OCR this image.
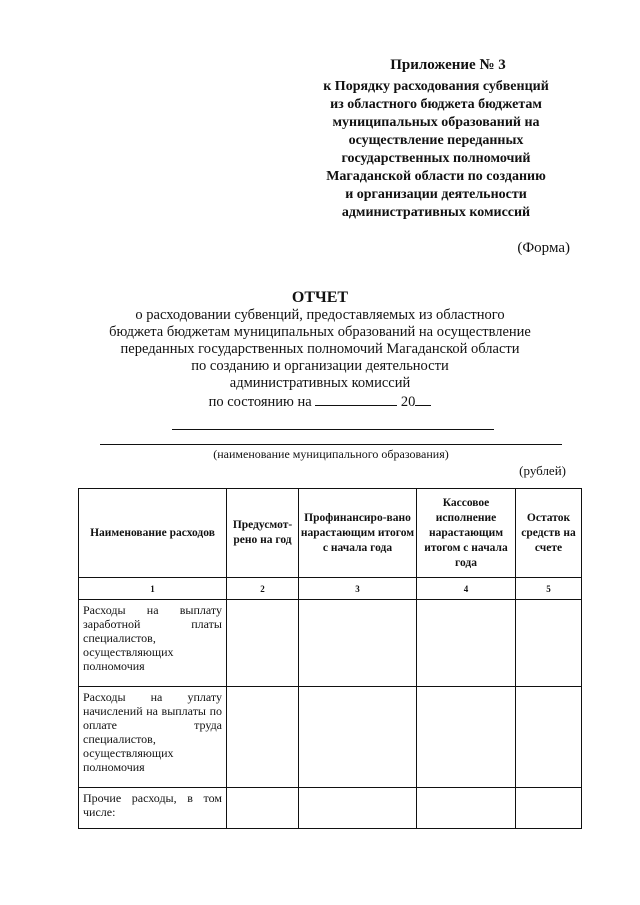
Приложение № 3
к Порядку расходования субвенций
из областного бюджета бюджетам
муниципальных образований на
осуществление переданных
государственных полномочий
Магаданской области по созданию
и организации деятельности
административных комиссий
(Форма)
ОТЧЕТ
о расходовании субвенций, предоставляемых из областного
бюджета бюджетам муниципальных образований на осуществление
переданных государственных полномочий Магаданской области
по созданию и организации деятельности
административных комиссий
по состоянию на	20
(наименование муниципального образования)
(рублей)
Наименование расходов	Предусмот-рено на год	Профинансиро-вано нарастающим итогом с начала года	Кассовое исполнение нарастающим итогом с начала года	Остаток средств на счете
1	2	3	4	5
Расходы на выплату заработной платы специалистов, осуществляющих полномочия				
Расходы на уплату начислений на выплаты по оплате труда специалистов, осуществляющих полномочия				
Прочие расходы, в том числе:				
